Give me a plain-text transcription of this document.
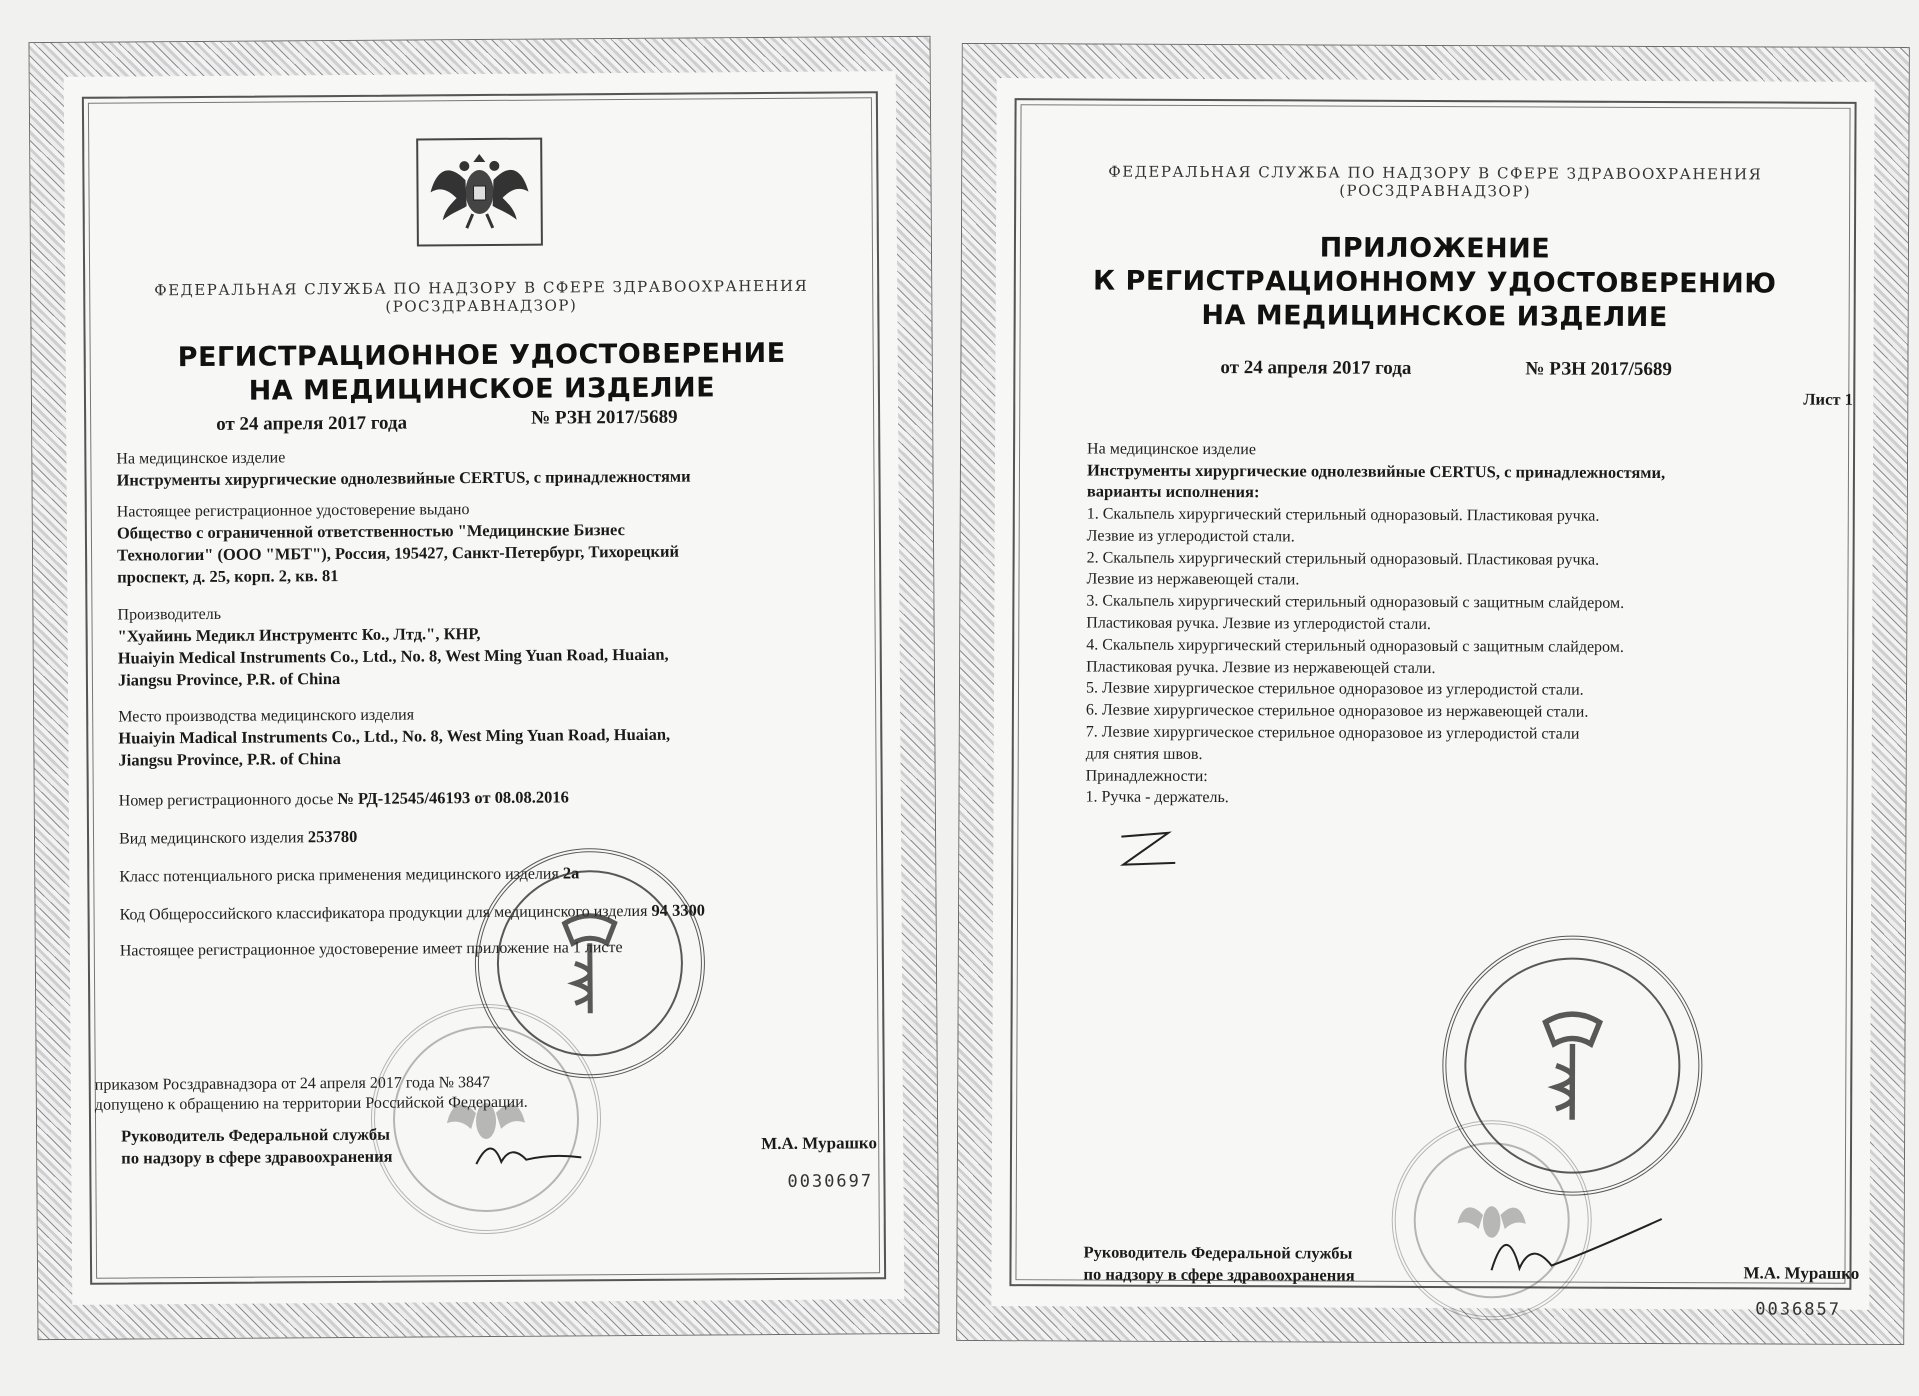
ФЕДЕРАЛЬНАЯ СЛУЖБА ПО НАДЗОРУ В СФЕРЕ ЗДРАВООХРАНЕНИЯ
(РОСЗДРАВНАДЗОР)
РЕГИСТРАЦИОННОЕ УДОСТОВЕРЕНИЕ
НА МЕДИЦИНСКОЕ ИЗДЕЛИЕ
от 24 апреля 2017 года	№ РЗН 2017/5689
На медицинское изделие
Инструменты хирургические однолезвийные CERTUS, с принадлежностями
Настоящее регистрационное удостоверение выдано
Общество с ограниченной ответственностью "Медицинские Бизнес
Технологии" (ООО "МБТ"), Россия, 195427, Санкт-Петербург, Тихорецкий
проспект, д. 25, корп. 2, кв. 81
Производитель
"Хуайинь Медикл Инструментс Ко., Лтд.", КНР,
Huaiyin Medical Instruments Co., Ltd., No. 8, West Ming Yuan Road, Huaian,
Jiangsu Province, P.R. of China
Место производства медицинского изделия
Huaiyin Madical Instruments Co., Ltd., No. 8, West Ming Yuan Road, Huaian,
Jiangsu Province, P.R. of China
Номер регистрационного досье № РД-12545/46193 от 08.08.2016
Вид медицинского изделия 253780
Класс потенциального риска применения медицинского изделия 2а
Код Общероссийского классификатора продукции для медицинского изделия 94 3300
Настоящее регистрационное удостоверение имеет приложение на 1 листе
приказом Росздравнадзора от 24 апреля 2017 года № 3847
допущено к обращению на территории Российской Федерации.
Руководитель Федеральной службы
по надзору в сфере здравоохранения
М.А. Мурашко
0030697
ФЕДЕРАЛЬНАЯ СЛУЖБА ПО НАДЗОРУ В СФЕРЕ ЗДРАВООХРАНЕНИЯ
(РОСЗДРАВНАДЗОР)
ПРИЛОЖЕНИЕ
К РЕГИСТРАЦИОННОМУ УДОСТОВЕРЕНИЮ
НА МЕДИЦИНСКОЕ ИЗДЕЛИЕ
от 24 апреля 2017 года	№ РЗН 2017/5689
Лист 1
На медицинское изделие
Инструменты хирургические однолезвийные CERTUS, с принадлежностями,
варианты исполнения:
1. Скальпель хирургический стерильный одноразовый. Пластиковая ручка.
Лезвие из углеродистой стали.
2. Скальпель хирургический стерильный одноразовый. Пластиковая ручка.
Лезвие из нержавеющей стали.
3. Скальпель хирургический стерильный одноразовый с защитным слайдером.
Пластиковая ручка. Лезвие из углеродистой стали.
4. Скальпель хирургический стерильный одноразовый с защитным слайдером.
Пластиковая ручка. Лезвие из нержавеющей стали.
5. Лезвие хирургическое стерильное одноразовое из углеродистой стали.
6. Лезвие хирургическое стерильное одноразовое из нержавеющей стали.
7. Лезвие хирургическое стерильное одноразовое из углеродистой стали
для снятия швов.
Принадлежности:
1. Ручка - держатель.
Руководитель Федеральной службы
по надзору в сфере здравоохранения	М.А. Мурашко
0036857
